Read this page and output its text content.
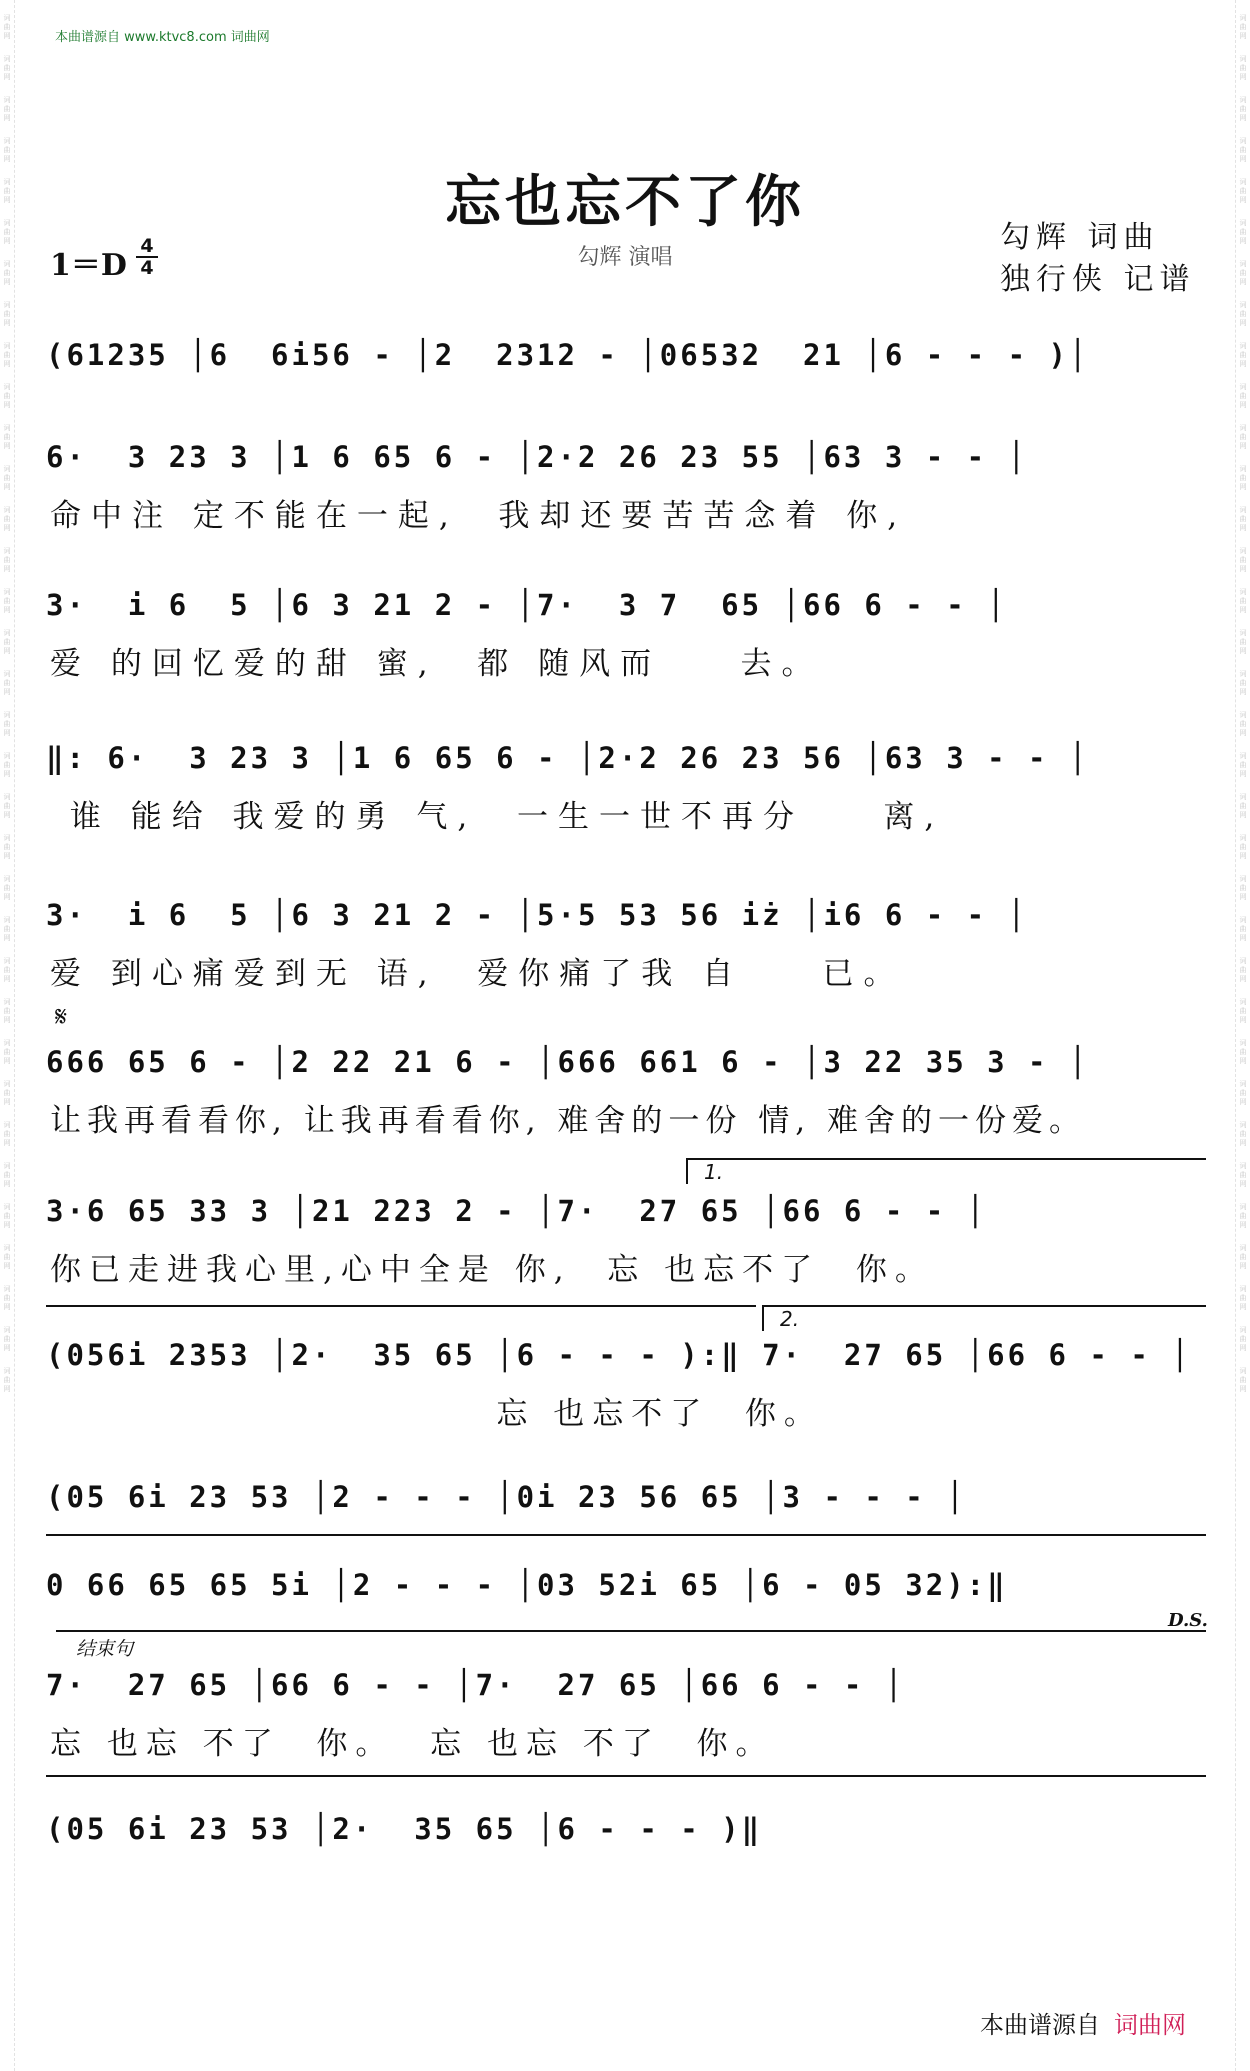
词
曲
网
词
曲
网
词
曲
网
词
曲
网
词
曲
网
词
曲
网
词
曲
网
词
曲
网
词
曲
网
词
曲
网
词
曲
网
词
曲
网
词
曲
网
词
曲
网
词
曲
网
词
曲
网
词
曲
网
词
曲
网
词
曲
网
词
曲
网
词
曲
网
词
曲
网
词
曲
网
词
曲
网
词
曲
网
词
曲
网
词
曲
网
词
曲
网
词
曲
网
词
曲
网
词
曲
网
词
曲
网
词
曲
网
词
曲
网
词
曲
网
词
曲
网
词
曲
网
词
曲
网
词
曲
网
词
曲
网
词
曲
网
词
曲
网
词
曲
网
词
曲
网
词
曲
网
词
曲
网
词
曲
网
词
曲
网
词
曲
网
词
曲
网
词
曲
网
词
曲
网
词
曲
网
词
曲
网
词
曲
网
词
曲
网
词
曲
网
词
曲
网
词
曲
网
词
曲
网
词
曲
网
词
曲
网
词
曲
网
词
曲
网
词
曲
网
词
曲
网
词
曲
网
词
曲
网
本曲谱源自 www.ktvc8.com 词曲网
忘也忘不了你
勾辉 演唱
勾辉 词曲
独行侠 记谱
1＝D
4
4
(61235 │6  6i56 - │2  2312 - │06532  21 │6 - - - )│
6·  3 23 3 │1 6 65 6 - │2·2 26 23 55 │63 3 - - │
命中注 定不能在一起,  我却还要苦苦念着 你,
3·  i 6  5 │6 3 21 2 - │7·  3 7  65 │66 6 - - │
爱 的回忆爱的甜 蜜,  都 随风而    去。
‖: 6·  3 23 3 │1 6 65 6 - │2·2 26 23 56 │63 3 - - │
谁 能给 我爱的勇 气,  一生一世不再分    离,
3·  i 6  5 │6 3 21 2 - │5·5 53 56 iż │i6 6 - - │
爱 到心痛爱到无 语,  爱你痛了我 自    已。
𝄋
666 65 6 - │2 22 21 6 - │666 661 6 - │3 22 35 3 - │
让我再看看你, 让我再看看你, 难舍的一份 情, 难舍的一份爱。
1.
3·6 65 33 3 │21 223 2 - │7·  27 65 │66 6 - - │
你已走进我心里,心中全是 你,  忘 也忘不了  你。
2.
(056i 2353 │2·  35 65 │6 - - - ):‖ 7·  27 65 │66 6 - - │
忘 也忘不了  你。
(05 6i 23 53 │2 - - - │0i 23 56 65 │3 - - - │
0 66 65 65 5i │2 - - - │03 52i 65 │6 - 05 32):‖
D.S.
结束句
7·  27 65 │66 6 - - │7·  27 65 │66 6 - - │
忘 也忘 不了  你。  忘 也忘 不了  你。
(05 6i 23 53 │2·  35 65 │6 - - - )‖
本曲谱源自 词曲网
